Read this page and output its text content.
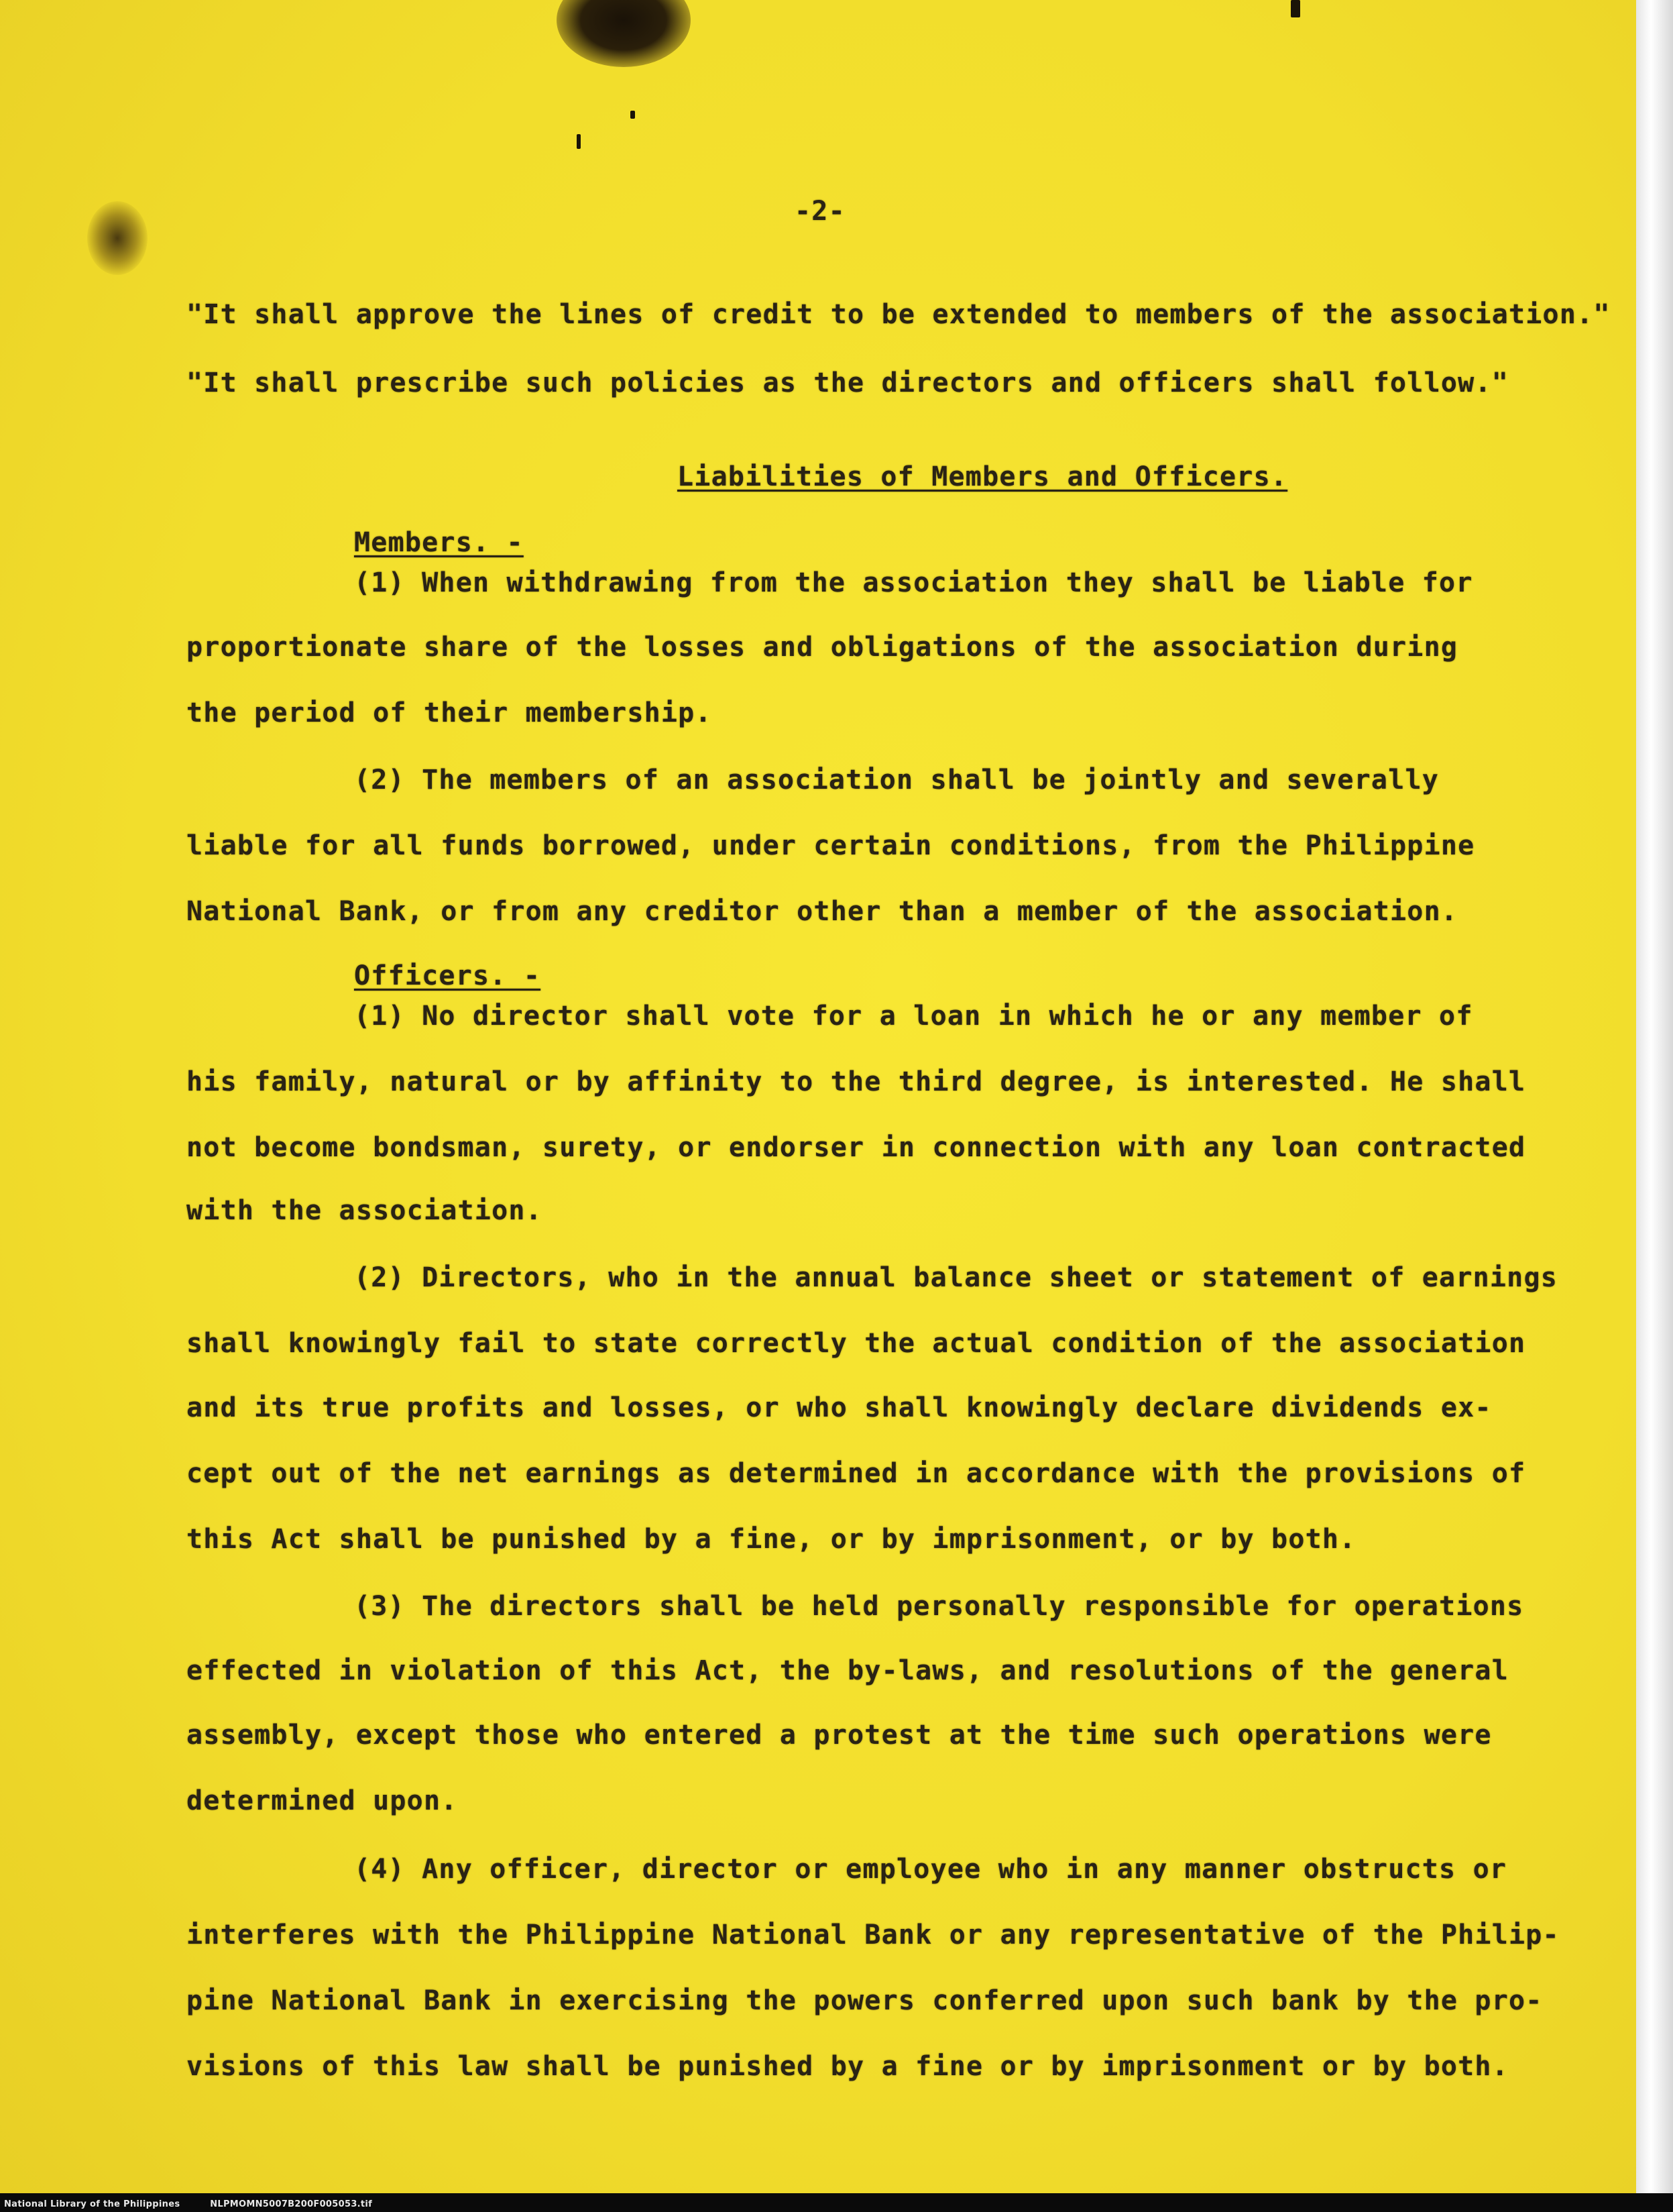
-2-
"It shall approve the lines of credit to be extended to members of the association."
"It shall prescribe such policies as the directors and officers shall follow."
Liabilities of Members and Officers.
Members. -
(1) When withdrawing from the association they shall be liable for
proportionate share of the losses and obligations of the association during
the period of their membership.
(2) The members of an association shall be jointly and severally
liable for all funds borrowed, under certain conditions, from the Philippine
National Bank, or from any creditor other than a member of the association.
Officers. -
(1) No director shall vote for a loan in which he or any member of
his family, natural or by affinity to the third degree, is interested. He shall
not become bondsman, surety, or endorser in connection with any loan contracted
with the association.
(2) Directors, who in the annual balance sheet or statement of earnings
shall knowingly fail to state correctly the actual condition of the association
and its true profits and losses, or who shall knowingly declare dividends ex-
cept out of the net earnings as determined in accordance with the provisions of
this Act shall be punished by a fine, or by imprisonment, or by both.
(3) The directors shall be held personally responsible for operations
effected in violation of this Act, the by-laws, and resolutions of the general
assembly, except those who entered a protest at the time such operations were
determined upon.
(4) Any officer, director or employee who in any manner obstructs or
interferes with the Philippine National Bank or any representative of the Philip-
pine National Bank in exercising the powers conferred upon such bank by the pro-
visions of this law shall be punished by a fine or by imprisonment or by both.
National Library of the Philippines	NLPMOMN5007B200F005053.tif
